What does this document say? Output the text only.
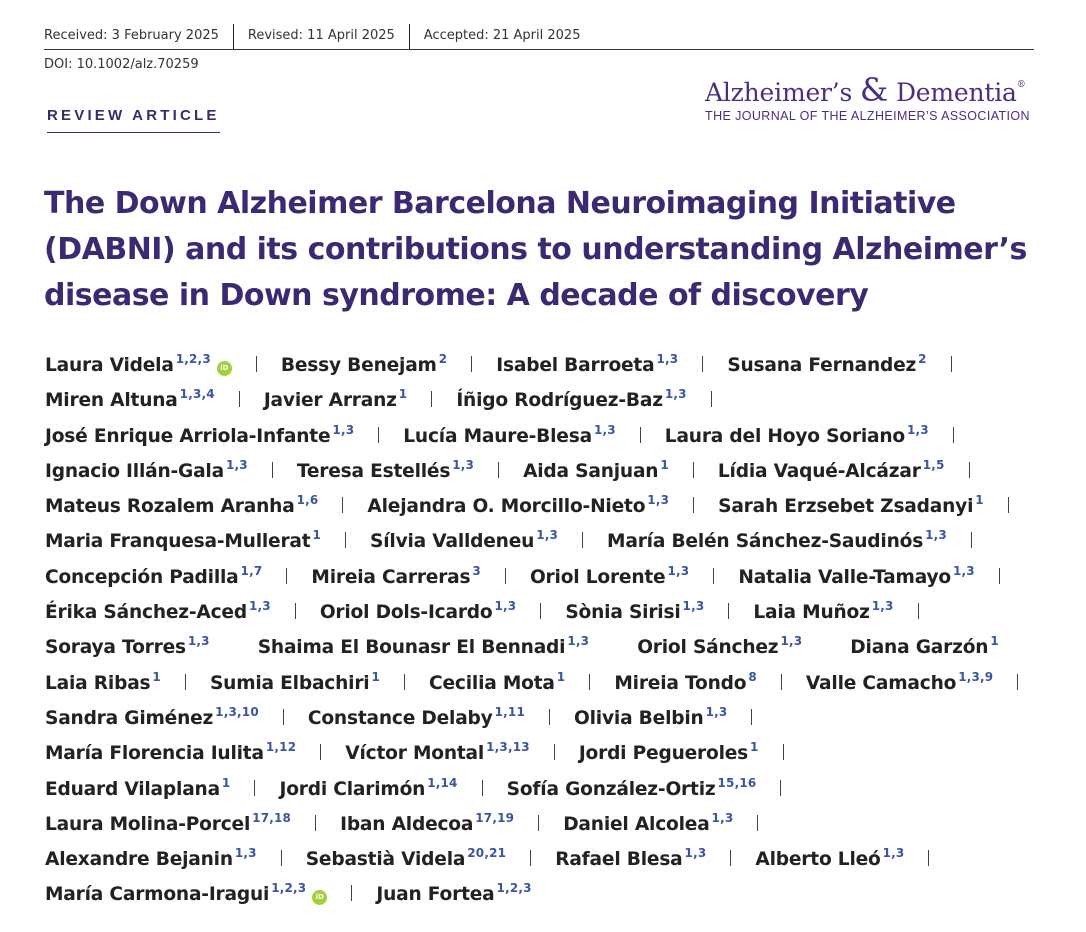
Received: 3 February 2025	Revised: 11 April 2025	Accepted: 21 April 2025
DOI: 10.1002/alz.70259
Alzheimer’s & Dementia®
THE JOURNAL OF THE ALZHEIMER’S ASSOCIATION
REVIEW ARTICLE
The Down Alzheimer Barcelona Neuroimaging Initiative (DABNI) and its contributions to understanding Alzheimer’s disease in Down syndrome: A decade of discovery
Laura Videla 1,2,3
iD	Bessy Benejam 2	Isabel Barroeta 1,3	Susana Fernandez 2
Miren Altuna 1,3,4	Javier Arranz 1	Íñigo Rodríguez-Baz 1,3
José Enrique Arriola-Infante 1,3	Lucía Maure-Blesa 1,3	Laura del Hoyo Soriano 1,3
Ignacio Illán-Gala 1,3	Teresa Estellés 1,3	Aida Sanjuan 1	Lídia Vaqué-Alcázar 1,5
Mateus Rozalem Aranha 1,6	Alejandra O. Morcillo-Nieto 1,3	Sarah Erzsebet Zsadanyi 1
Maria Franquesa-Mullerat 1	Sílvia Valldeneu 1,3	María Belén Sánchez-Saudinós 1,3
Concepción Padilla 1,7	Mireia Carreras 3	Oriol Lorente 1,3	Natalia Valle-Tamayo 1,3
Érika Sánchez-Aced 1,3	Oriol Dols-Icardo 1,3	Sònia Sirisi 1,3	Laia Muñoz 1,3
Soraya Torres 1,3	Shaima El Bounasr El Bennadi 1,3	Oriol Sánchez 1,3	Diana Garzón 1
Laia Ribas 1	Sumia Elbachiri 1	Cecilia Mota 1	Mireia Tondo 8	Valle Camacho 1,3,9
Sandra Giménez 1,3,10	Constance Delaby 1,11	Olivia Belbin 1,3
María Florencia Iulita 1,12	Víctor Montal 1,3,13	Jordi Pegueroles 1
Eduard Vilaplana 1	Jordi Clarimón 1,14	Sofía González-Ortiz 15,16
Laura Molina-Porcel 17,18	Iban Aldecoa 17,19	Daniel Alcolea 1,3
Alexandre Bejanin 1,3	Sebastià Videla 20,21	Rafael Blesa 1,3	Alberto Lleó 1,3
María Carmona-Iragui 1,2,3
iD	Juan Fortea 1,2,3
